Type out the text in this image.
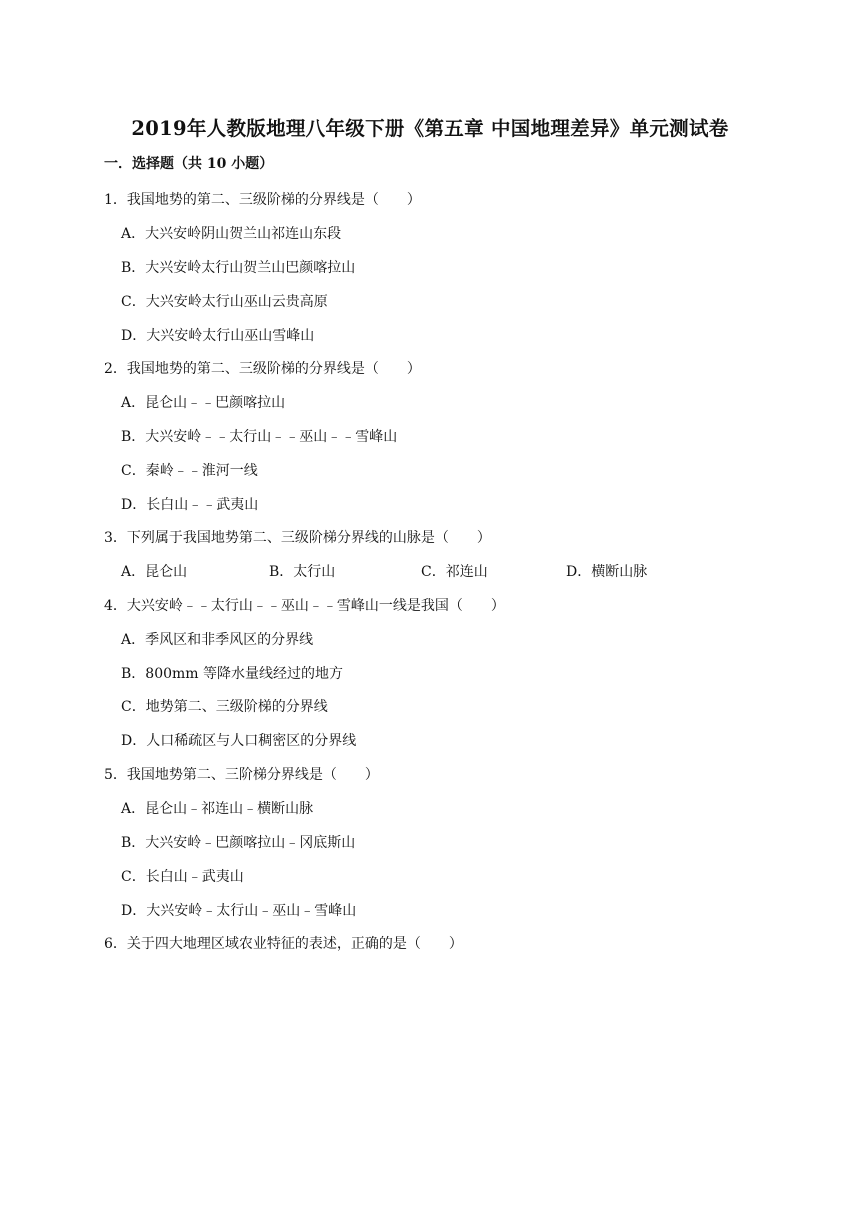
2019年人教版地理八年级下册《第五章 中国地理差异》单元测试卷
一．选择题（共 10 小题）
1．我国地势的第二、三级阶梯的分界线是（　　）
A．大兴安岭阴山贺兰山祁连山东段
B．大兴安岭太行山贺兰山巴颜喀拉山
C．大兴安岭太行山巫山云贵高原
D．大兴安岭太行山巫山雪峰山
2．我国地势的第二、三级阶梯的分界线是（　　）
A．昆仑山﹣﹣巴颜喀拉山
B．大兴安岭﹣﹣太行山﹣﹣巫山﹣﹣雪峰山
C．秦岭﹣﹣淮河一线
D．长白山﹣﹣武夷山
3．下列属于我国地势第二、三级阶梯分界线的山脉是（　　）
A．昆仑山	B．太行山	C．祁连山	D．横断山脉
4．大兴安岭﹣﹣太行山﹣﹣巫山﹣﹣雪峰山一线是我国（　　）
A．季风区和非季风区的分界线
B．800mm 等降水量线经过的地方
C．地势第二、三级阶梯的分界线
D．人口稀疏区与人口稠密区的分界线
5．我国地势第二、三阶梯分界线是（　　）
A．昆仑山﹣祁连山﹣横断山脉
B．大兴安岭﹣巴颜喀拉山﹣冈底斯山
C．长白山﹣武夷山
D．大兴安岭﹣太行山﹣巫山﹣雪峰山
6．关于四大地理区域农业特征的表述，正确的是（　　）
